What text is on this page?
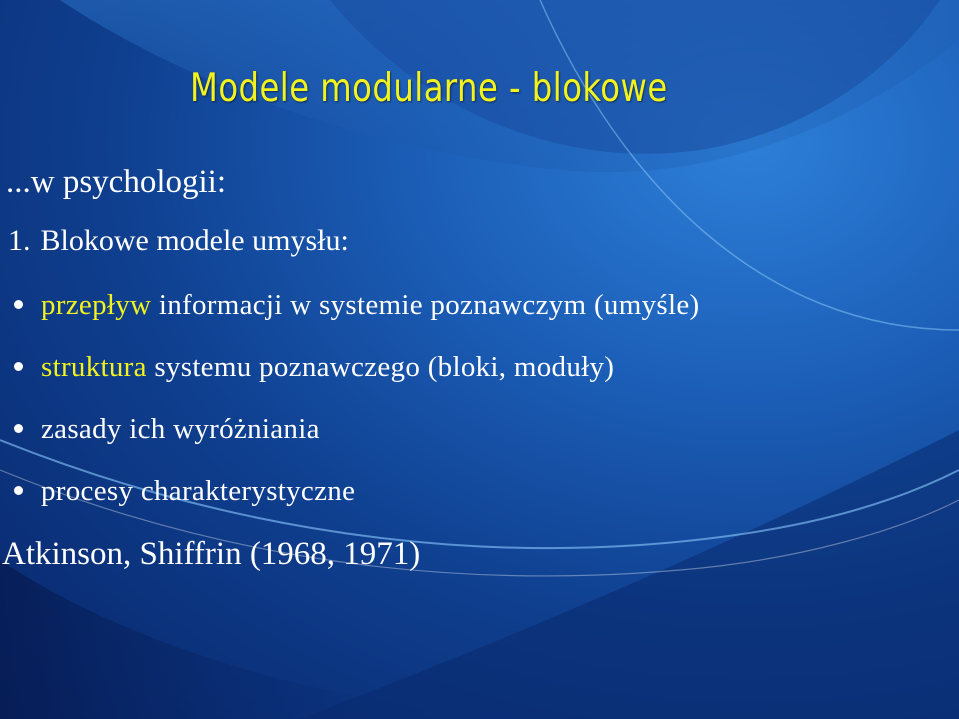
Modele modularne - blokowe
...w psychologii:
1. Blokowe modele umysłu:
przepływ informacji w systemie poznawczym (umyśle)
struktura systemu poznawczego (bloki, moduły)
zasady ich wyróżniania
procesy charakterystyczne
Atkinson, Shiffrin (1968, 1971)
